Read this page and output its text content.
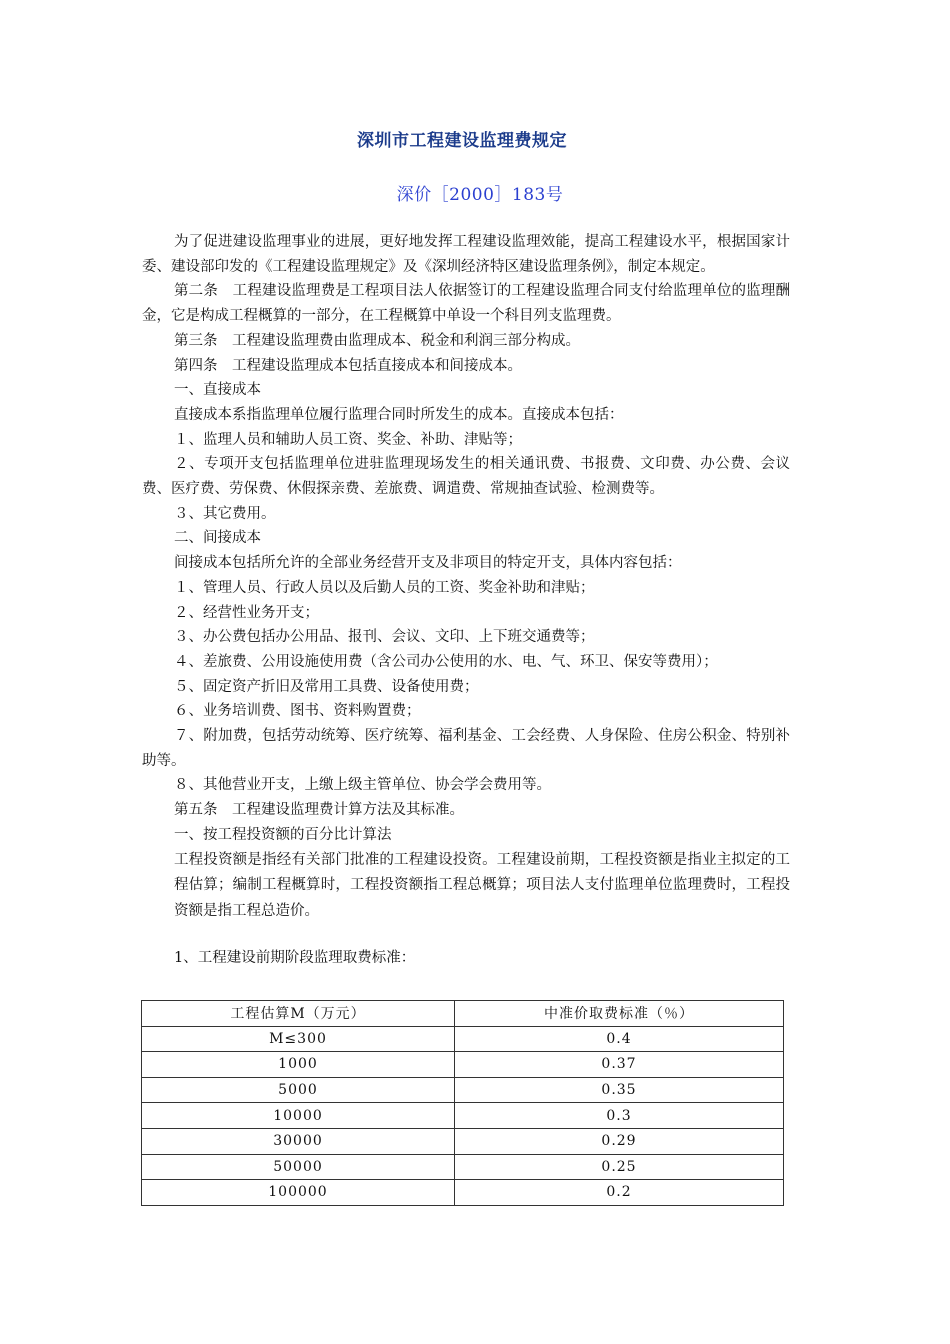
深圳市工程建设监理费规定
深价［2000］183号

为了促进建设监理事业的进展，更好地发挥工程建设监理效能，提高工程建设水平，根据国家计委、建设部印发的《工程建设监理规定》及《深圳经济特区建设监理条例》，制定本规定。

第二条　工程建设监理费是工程项目法人依据签订的工程建设监理合同支付给监理单位的监理酬金，它是构成工程概算的一部分，在工程概算中单设一个科目列支监理费。

第三条　工程建设监理费由监理成本、税金和利润三部分构成。

第四条　工程建设监理成本包括直接成本和间接成本。

一、直接成本

直接成本系指监理单位履行监理合同时所发生的成本。直接成本包括：

１、监理人员和辅助人员工资、奖金、补助、津贴等；

２、专项开支包括监理单位进驻监理现场发生的相关通讯费、书报费、文印费、办公费、会议费、医疗费、劳保费、休假探亲费、差旅费、调遣费、常规抽查试验、检测费等。

３、其它费用。

二、间接成本

间接成本包括所允许的全部业务经营开支及非项目的特定开支，具体内容包括：

１、管理人员、行政人员以及后勤人员的工资、奖金补助和津贴；

２、经营性业务开支；

３、办公费包括办公用品、报刊、会议、文印、上下班交通费等；

４、差旅费、公用设施使用费（含公司办公使用的水、电、气、环卫、保安等费用）；

５、固定资产折旧及常用工具费、设备使用费；

６、业务培训费、图书、资料购置费；

７、附加费，包括劳动统筹、医疗统筹、福利基金、工会经费、人身保险、住房公积金、特别补助等。

８、其他营业开支，上缴上级主管单位、协会学会费用等。

第五条　工程建设监理费计算方法及其标准。

一、按工程投资额的百分比计算法

工程投资额是指经有关部门批准的工程建设投资。工程建设前期，工程投资额是指业主拟定的工程估算；编制工程概算时，工程投资额指工程总概算；项目法人支付监理单位监理费时，工程投资额是指工程总造价。

1、工程建设前期阶段监理取费标准：

工程估算M（万元）	中准价取费标准（％）
M≤300	0.4
1000	0.37
5000	0.35
10000	0.3
30000	0.29
50000	0.25
100000	0.2
